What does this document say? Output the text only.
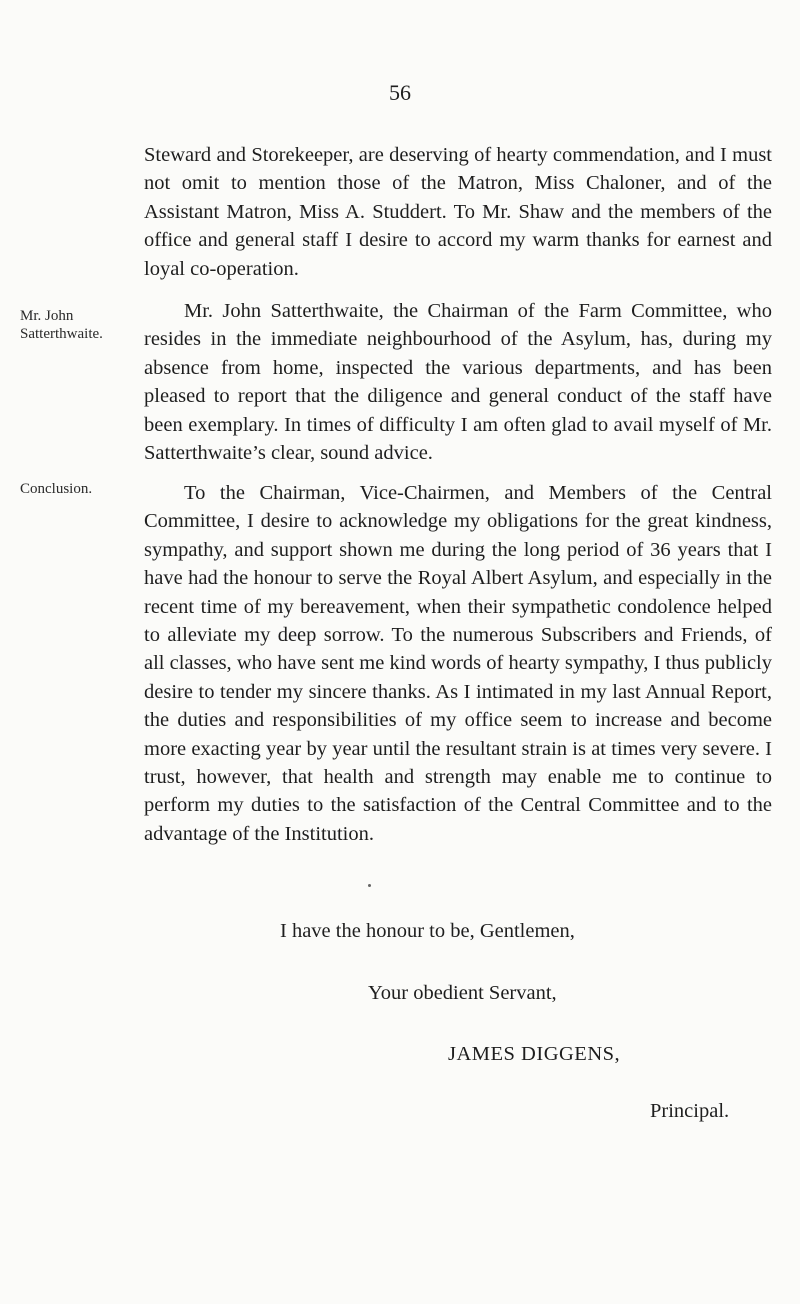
56
Mr. John Satterthwaite.
Conclusion.
Steward and Storekeeper, are deserving of hearty commendation, and I must not omit to mention those of the Matron, Miss Chaloner, and of the Assistant Matron, Miss A. Studdert. To Mr. Shaw and the members of the office and general staff I desire to accord my warm thanks for earnest and loyal co-operation.
Mr. John Satterthwaite, the Chairman of the Farm Committee, who resides in the immediate neighbourhood of the Asylum, has, during my absence from home, inspected the various departments, and has been pleased to report that the diligence and general conduct of the staff have been exemplary. In times of difficulty I am often glad to avail myself of Mr. Satterthwaite’s clear, sound advice.
To the Chairman, Vice-Chairmen, and Members of the Central Committee, I desire to acknowledge my obligations for the great kindness, sympathy, and support shown me during the long period of 36 years that I have had the honour to serve the Royal Albert Asylum, and especially in the recent time of my bereavement, when their sympathetic condolence helped to alleviate my deep sorrow. To the numerous Subscribers and Friends, of all classes, who have sent me kind words of hearty sympathy, I thus publicly desire to tender my sincere thanks. As I intimated in my last Annual Report, the duties and responsibilities of my office seem to increase and become more exacting year by year until the resultant strain is at times very severe. I trust, however, that health and strength may enable me to continue to perform my duties to the satisfaction of the Central Committee and to the advantage of the Institution.
I have the honour to be, Gentlemen,
Your obedient Servant,
JAMES DIGGENS,
Principal.
